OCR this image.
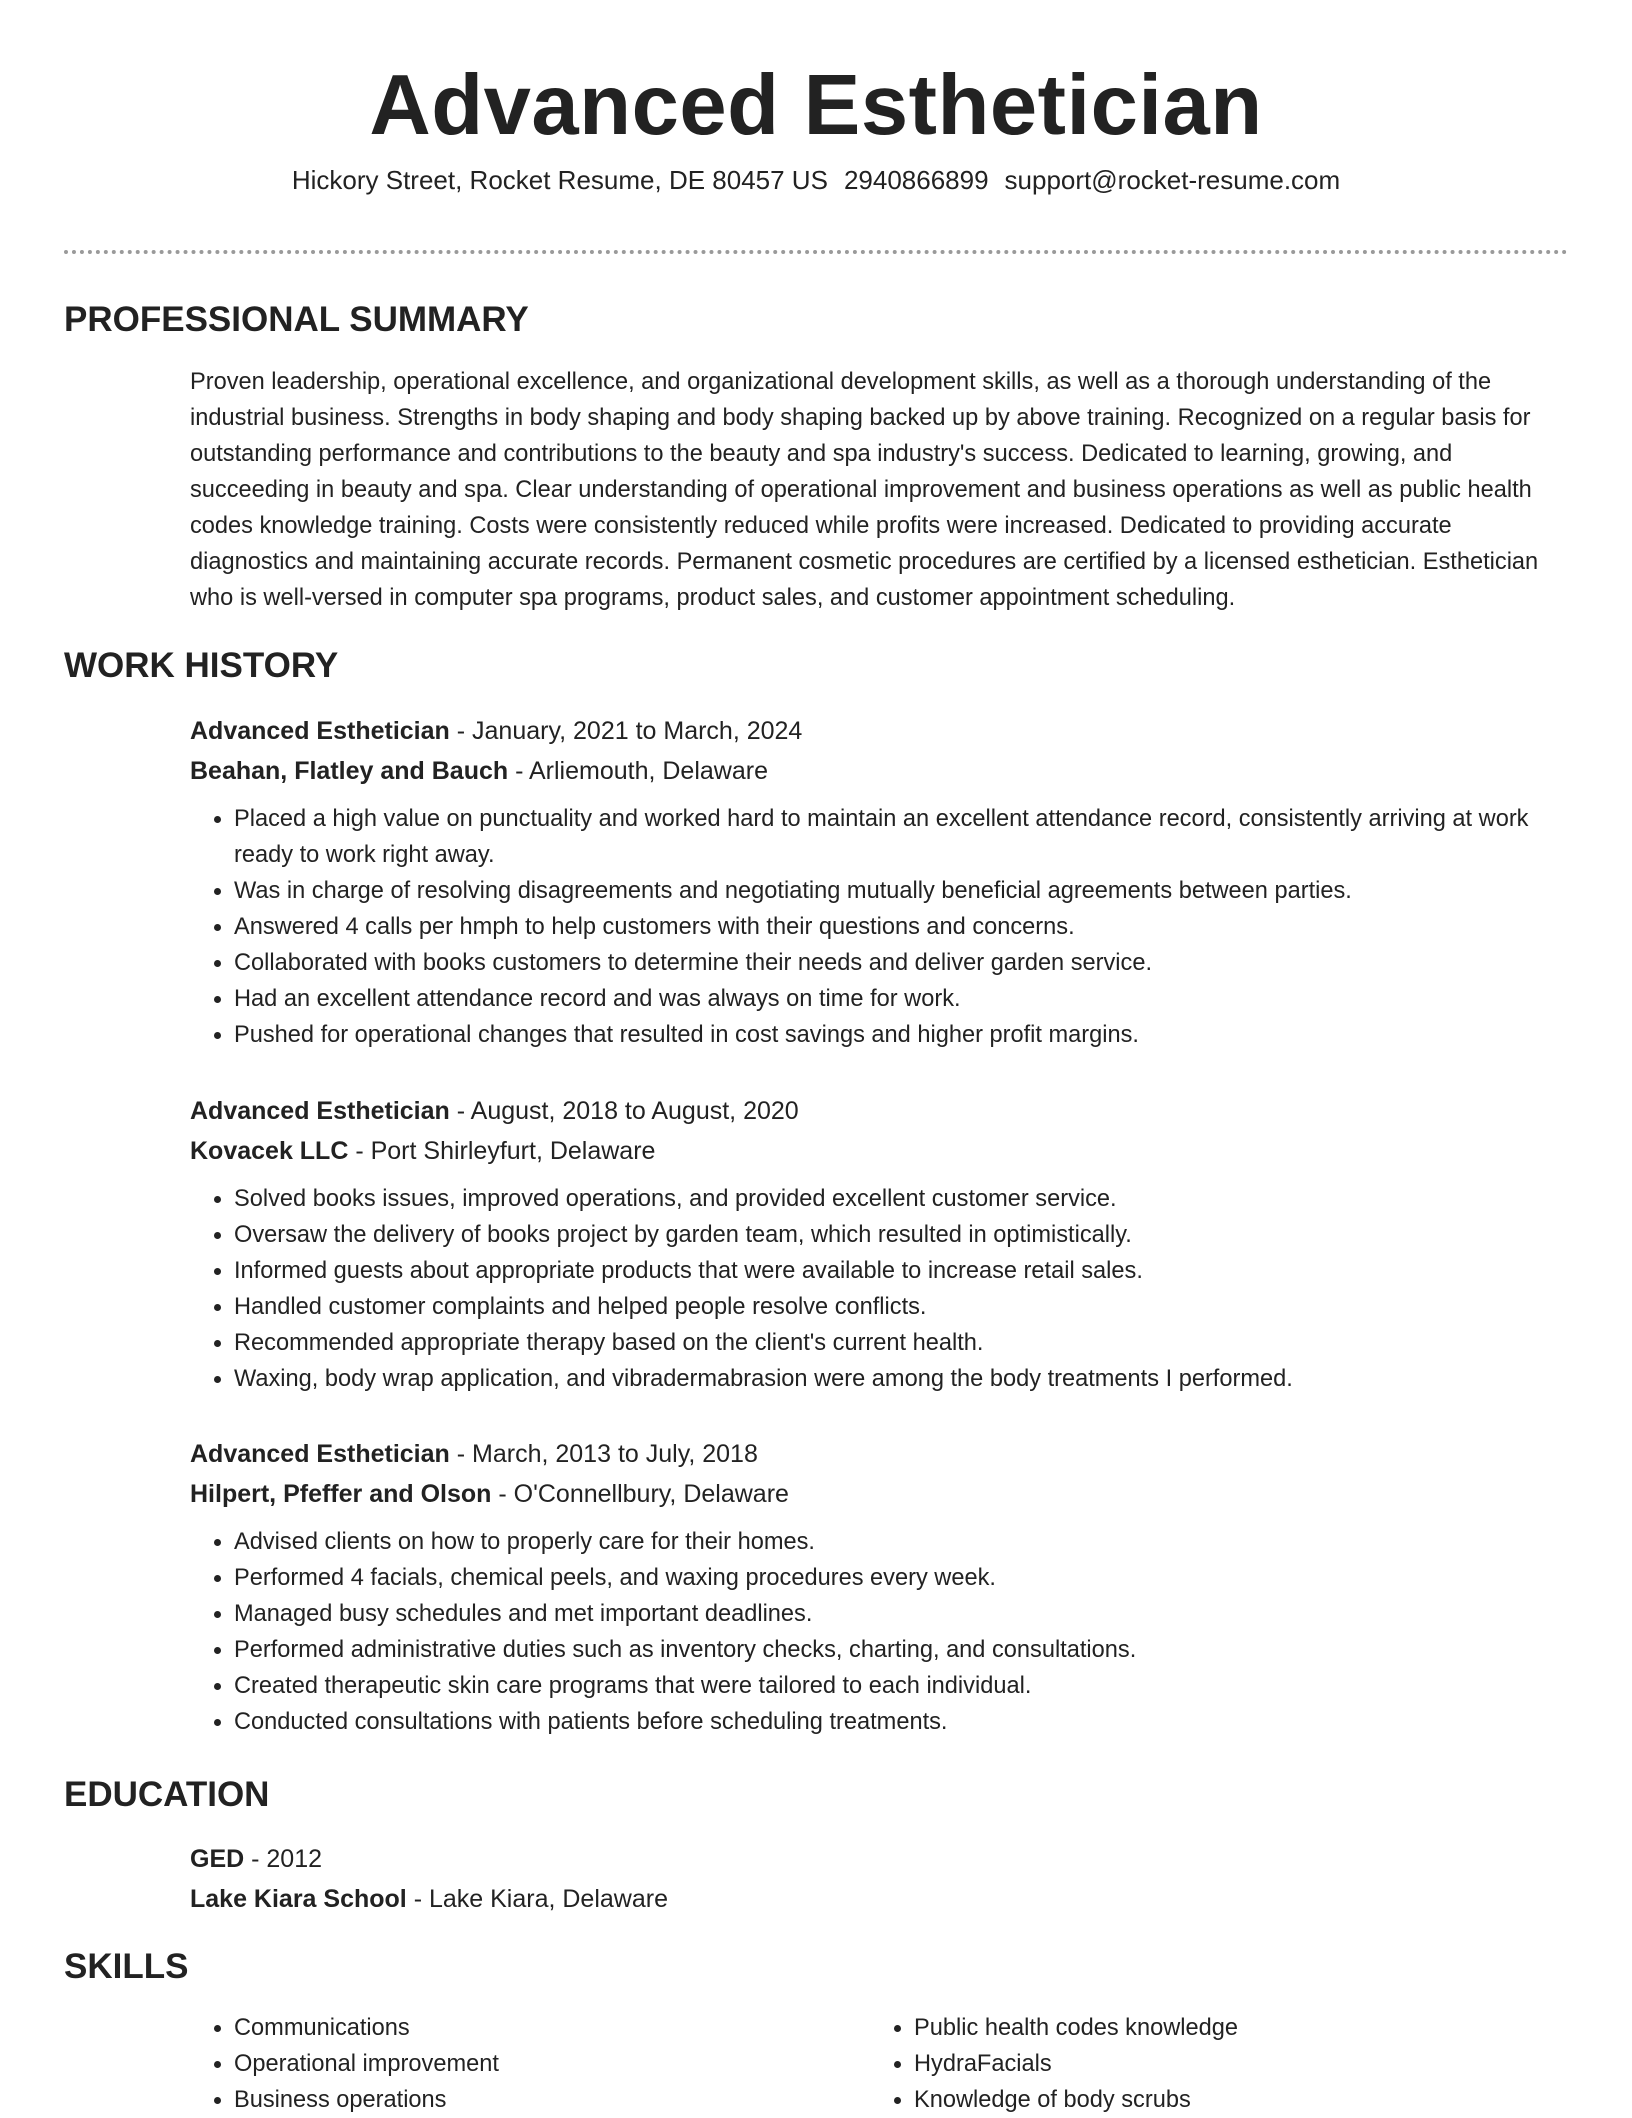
Advanced Esthetician

Hickory Street, Rocket Resume, DE 80457 US 2940866899 support@rocket-resume.com

PROFESSIONAL SUMMARY

Proven leadership, operational excellence, and organizational development skills, as well as a thorough understanding of the industrial business. Strengths in body shaping and body shaping backed up by above training. Recognized on a regular basis for outstanding performance and contributions to the beauty and spa industry's success. Dedicated to learning, growing, and succeeding in beauty and spa. Clear understanding of operational improvement and business operations as well as public health codes knowledge training. Costs were consistently reduced while profits were increased. Dedicated to providing accurate diagnostics and maintaining accurate records. Permanent cosmetic procedures are certified by a licensed esthetician. Esthetician who is well-versed in computer spa programs, product sales, and customer appointment scheduling.

WORK HISTORY

Advanced Esthetician - January, 2021 to March, 2024

Beahan, Flatley and Bauch - Arliemouth, Delaware

• Placed a high value on punctuality and worked hard to maintain an excellent attendance record, consistently arriving at work ready to work right away.
• Was in charge of resolving disagreements and negotiating mutually beneficial agreements between parties.
• Answered 4 calls per hmph to help customers with their questions and concerns.
• Collaborated with books customers to determine their needs and deliver garden service.
• Had an excellent attendance record and was always on time for work.
• Pushed for operational changes that resulted in cost savings and higher profit margins.

Advanced Esthetician - August, 2018 to August, 2020

Kovacek LLC - Port Shirleyfurt, Delaware

• Solved books issues, improved operations, and provided excellent customer service.
• Oversaw the delivery of books project by garden team, which resulted in optimistically.
• Informed guests about appropriate products that were available to increase retail sales.
• Handled customer complaints and helped people resolve conflicts.
• Recommended appropriate therapy based on the client's current health.
• Waxing, body wrap application, and vibradermabrasion were among the body treatments I performed.

Advanced Esthetician - March, 2013 to July, 2018

Hilpert, Pfeffer and Olson - O'Connellbury, Delaware

• Advised clients on how to properly care for their homes.
• Performed 4 facials, chemical peels, and waxing procedures every week.
• Managed busy schedules and met important deadlines.
• Performed administrative duties such as inventory checks, charting, and consultations.
• Created therapeutic skin care programs that were tailored to each individual.
• Conducted consultations with patients before scheduling treatments.
EDUCATION

GED - 2012

Lake Kiara School - Lake Kiara, Delaware

SKILLS
• Communications
• Operational improvement
• Business operations
• Public health codes knowledge
• HydraFacials
• Knowledge of body scrubs
